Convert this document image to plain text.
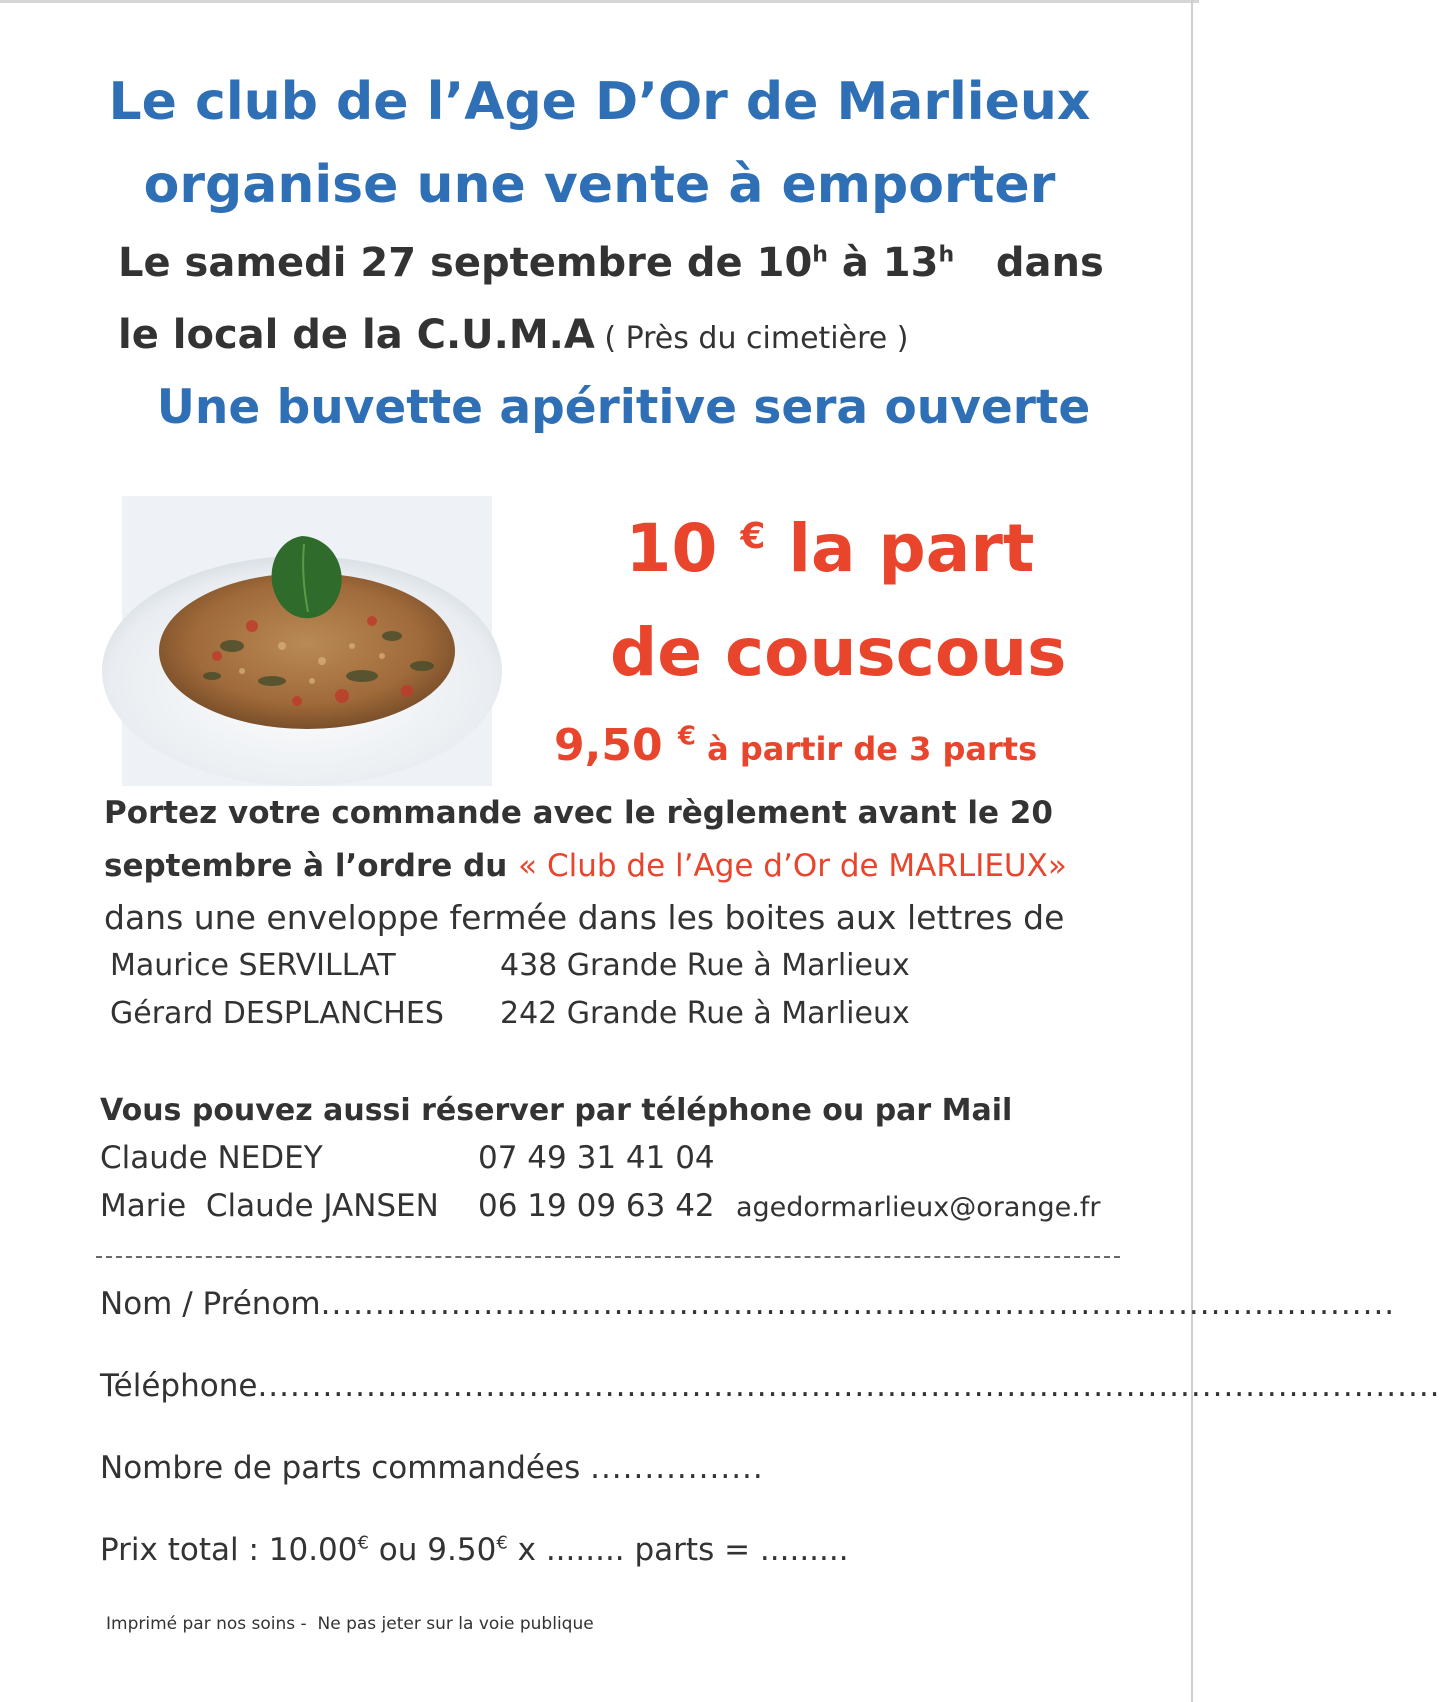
Le club de l’Age D’Or de Marlieux
organise une vente à emporter
Le samedi 27 septembre de 10$^h$ à 13$^h$   dans
le local de la C.U.M.A ( Près du cimetière )
Une buvette apéritive sera ouverte
10 € la part
de couscous
9,50 € à partir de 3 parts
Portez votre commande avec le règlement avant le 20
septembre à l’ordre du « Club de l’Age d’Or de MARLIEUX»
dans une enveloppe fermée dans les boites aux lettres de
Maurice SERVILLAT	438 Grande Rue à Marlieux
Gérard DESPLANCHES 242 Grande Rue à Marlieux
Vous pouvez aussi réserver par téléphone ou par Mail
Claude NEDEY	07 49 31 41 04
Marie  Claude JANSEN 06 19 09 63 42 agedormarlieux@orange.fr
Nom / Prénom...................................................................................................
Téléphone.............................................................................................................
Nombre de parts commandées ................
Prix total : 10.00€ ou 9.50€ x ........ parts = .........
Imprimé par nos soins -  Ne pas jeter sur la voie publique
